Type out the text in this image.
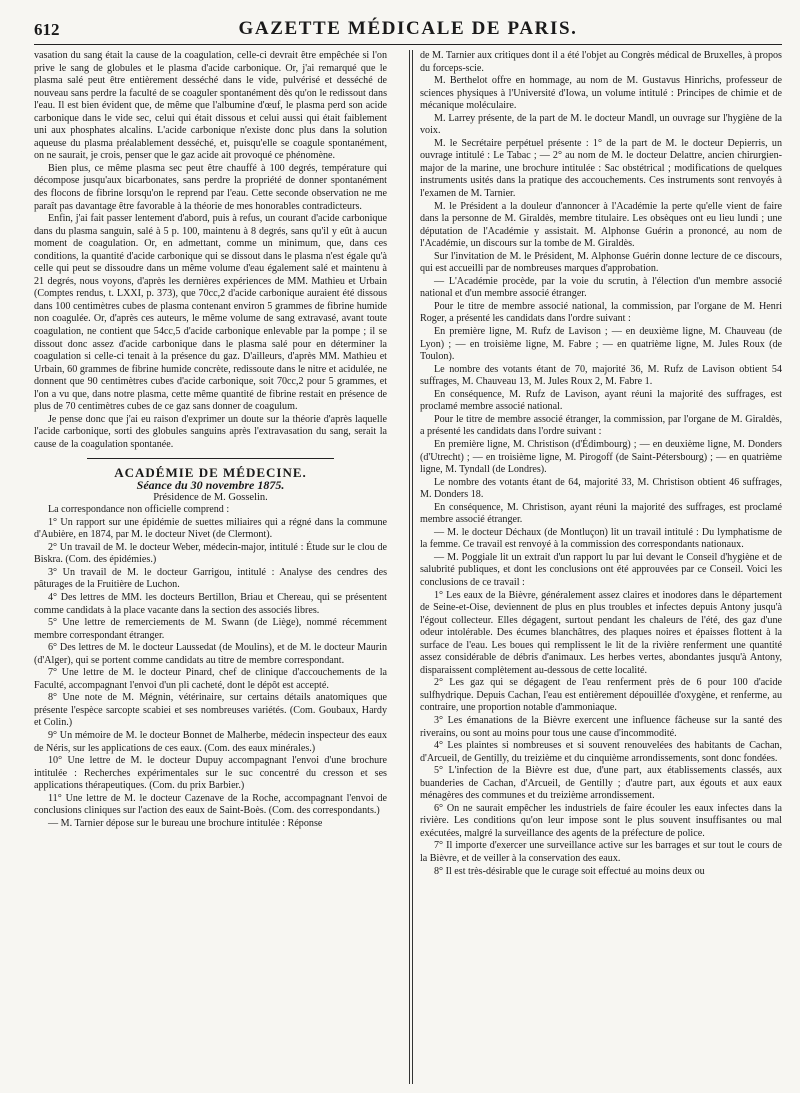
612	GAZETTE MÉDICALE DE PARIS.

vasation du sang était la cause de la coagulation, celle-ci devrait être empêchée si l'on prive le sang de globules et le plasma d'acide carbonique. Or, j'ai remarqué que le plasma salé peut être entièrement desséché dans le vide, pulvérisé et desséché de nouveau sans perdre la faculté de se coaguler spontanément dès qu'on le redissout dans l'eau. Il est bien évident que, de même que l'albumine d'œuf, le plasma perd son acide carbonique dans le vide sec, celui qui était dissous et celui aussi qui était faiblement uni aux phosphates alcalins. L'acide carbonique n'existe donc plus dans la solution aqueuse du plasma préalablement desséché, et, puisqu'elle se coagule spontanément, on ne saurait, je crois, penser que le gaz acide ait provoqué ce phénomène.

Bien plus, ce même plasma sec peut être chauffé à 100 degrés, température qui décompose jusqu'aux bicarbonates, sans perdre la propriété de donner spontanément des flocons de fibrine lorsqu'on le reprend par l'eau. Cette seconde observation ne me paraît pas davantage être favorable à la théorie de mes honorables contradicteurs.

Enfin, j'ai fait passer lentement d'abord, puis à refus, un courant d'acide carbonique dans du plasma sanguin, salé à 5 p. 100, maintenu à 8 degrés, sans qu'il y eût à aucun moment de coagulation. Or, en admettant, comme un minimum, que, dans ces conditions, la quantité d'acide carbonique qui se dissout dans le plasma n'est égale qu'à celle qui peut se dissoudre dans un même volume d'eau également salé et maintenu à 21 degrés, nous voyons, d'après les dernières expériences de MM. Mathieu et Urbain (Comptes rendus, t. LXXI, p. 373), que 70cc,2 d'acide carbonique auraient été dissous dans 100 centimètres cubes de plasma contenant environ 5 grammes de fibrine humide non coagulée. Or, d'après ces auteurs, le même volume de sang extravasé, avant toute coagulation, ne contient que 54cc,5 d'acide carbonique enlevable par la pompe ; il se dissout donc assez d'acide carbonique dans le plasma salé pour en déterminer la coagulation si celle-ci tenait à la présence du gaz. D'ailleurs, d'après MM. Mathieu et Urbain, 60 grammes de fibrine humide concrète, redissoute dans le nitre et acidulée, ne donnent que 90 centimètres cubes d'acide carbonique, soit 70cc,2 pour 5 grammes, et l'on a vu que, dans notre plasma, cette même quantité de fibrine restait en présence de plus de 70 centimètres cubes de ce gaz sans donner de coagulum.

Je pense donc que j'ai eu raison d'exprimer un doute sur la théorie d'après laquelle l'acide carbonique, sorti des globules sanguins après l'extravasation du sang, serait la cause de la coagulation spontanée.

ACADÉMIE DE MÉDECINE.

Séance du 30 novembre 1875.

Présidence de M. Gosselin.

La correspondance non officielle comprend :

1° Un rapport sur une épidémie de suettes miliaires qui a régné dans la commune d'Aubière, en 1874, par M. le docteur Nivet (de Clermont).

2° Un travail de M. le docteur Weber, médecin-major, intitulé : Étude sur le clou de Biskra. (Com. des épidémies.)

3° Un travail de M. le docteur Garrigou, intitulé : Analyse des cendres des pâturages de la Fruitière de Luchon.

4° Des lettres de MM. les docteurs Bertillon, Briau et Chereau, qui se présentent comme candidats à la place vacante dans la section des associés libres.

5° Une lettre de remerciements de M. Swann (de Liège), nommé récemment membre correspondant étranger.

6° Des lettres de M. le docteur Laussedat (de Moulins), et de M. le docteur Maurin (d'Alger), qui se portent comme candidats au titre de membre correspondant.

7° Une lettre de M. le docteur Pinard, chef de clinique d'accouchements de la Faculté, accompagnant l'envoi d'un pli cacheté, dont le dépôt est accepté.

8° Une note de M. Mégnin, vétérinaire, sur certains détails anatomiques que présente l'espèce sarcopte scabiei et ses nombreuses variétés. (Com. Goubaux, Hardy et Colin.)

9° Un mémoire de M. le docteur Bonnet de Malherbe, médecin inspecteur des eaux de Néris, sur les applications de ces eaux. (Com. des eaux minérales.)

10° Une lettre de M. le docteur Dupuy accompagnant l'envoi d'une brochure intitulée : Recherches expérimentales sur le suc concentré du cresson et ses applications thérapeutiques. (Com. du prix Barbier.)

11° Une lettre de M. le docteur Cazenave de la Roche, accompagnant l'envoi de conclusions cliniques sur l'action des eaux de Saint-Boès. (Com. des correspondants.)

— M. Tarnier dépose sur le bureau une brochure intitulée : Réponse

de M. Tarnier aux critiques dont il a été l'objet au Congrès médical de Bruxelles, à propos du forceps-scie.

M. Berthelot offre en hommage, au nom de M. Gustavus Hinrichs, professeur de sciences physiques à l'Université d'Iowa, un volume intitulé : Principes de chimie et de mécanique moléculaire.

M. Larrey présente, de la part de M. le docteur Mandl, un ouvrage sur l'hygiène de la voix.

M. le Secrétaire perpétuel présente : 1° de la part de M. le docteur Depierris, un ouvrage intitulé : Le Tabac ; — 2° au nom de M. le docteur Delattre, ancien chirurgien-major de la marine, une brochure intitulée : Sac obstétrical ; modifications de quelques instruments usités dans la pratique des accouchements. Ces instruments sont renvoyés à l'examen de M. Tarnier.

M. le Président a la douleur d'annoncer à l'Académie la perte qu'elle vient de faire dans la personne de M. Giraldès, membre titulaire. Les obsèques ont eu lieu lundi ; une députation de l'Académie y assistait. M. Alphonse Guérin a prononcé, au nom de l'Académie, un discours sur la tombe de M. Giraldès.

Sur l'invitation de M. le Président, M. Alphonse Guérin donne lecture de ce discours, qui est accueilli par de nombreuses marques d'approbation.

— L'Académie procède, par la voie du scrutin, à l'élection d'un membre associé national et d'un membre associé étranger.

Pour le titre de membre associé national, la commission, par l'organe de M. Henri Roger, a présenté les candidats dans l'ordre suivant :

En première ligne, M. Rufz de Lavison ; — en deuxième ligne, M. Chauveau (de Lyon) ; — en troisième ligne, M. Fabre ; — en quatrième ligne, M. Jules Roux (de Toulon).

Le nombre des votants étant de 70, majorité 36, M. Rufz de Lavison obtient 54 suffrages, M. Chauveau 13, M. Jules Roux 2, M. Fabre 1.

En conséquence, M. Rufz de Lavison, ayant réuni la majorité des suffrages, est proclamé membre associé national.

Pour le titre de membre associé étranger, la commission, par l'organe de M. Giraldès, a présenté les candidats dans l'ordre suivant :

En première ligne, M. Christison (d'Édimbourg) ; — en deuxième ligne, M. Donders (d'Utrecht) ; — en troisième ligne, M. Pirogoff (de Saint-Pétersbourg) ; — en quatrième ligne, M. Tyndall (de Londres).

Le nombre des votants étant de 64, majorité 33, M. Christison obtient 46 suffrages, M. Donders 18.

En conséquence, M. Christison, ayant réuni la majorité des suffrages, est proclamé membre associé étranger.

— M. le docteur Déchaux (de Montluçon) lit un travail intitulé : Du lymphatisme de la femme. Ce travail est renvoyé à la commission des correspondants nationaux.

— M. Poggiale lit un extrait d'un rapport lu par lui devant le Conseil d'hygiène et de salubrité publiques, et dont les conclusions ont été approuvées par ce Conseil. Voici les conclusions de ce travail :

1° Les eaux de la Bièvre, généralement assez claires et inodores dans le département de Seine-et-Oise, deviennent de plus en plus troubles et infectes depuis Antony jusqu'à l'égout collecteur. Elles dégagent, surtout pendant les chaleurs de l'été, des gaz d'une odeur intolérable. Des écumes blanchâtres, des plaques noires et épaisses flottent à la surface de l'eau. Les boues qui remplissent le lit de la rivière renferment une quantité assez considérable de débris d'animaux. Les herbes vertes, abondantes jusqu'à Antony, disparaissent complètement au-dessous de cette localité.

2° Les gaz qui se dégagent de l'eau renferment près de 6 pour 100 d'acide sulfhydrique. Depuis Cachan, l'eau est entièrement dépouillée d'oxygène, et renferme, au contraire, une proportion notable d'ammoniaque.

3° Les émanations de la Bièvre exercent une influence fâcheuse sur la santé des riverains, ou sont au moins pour tous une cause d'incommodité.

4° Les plaintes si nombreuses et si souvent renouvelées des habitants de Cachan, d'Arcueil, de Gentilly, du treizième et du cinquième arrondissements, sont donc fondées.

5° L'infection de la Bièvre est due, d'une part, aux établissements classés, aux buanderies de Cachan, d'Arcueil, de Gentilly ; d'autre part, aux égouts et aux eaux ménagères des communes et du treizième arrondissement.

6° On ne saurait empêcher les industriels de faire écouler les eaux infectes dans la rivière. Les conditions qu'on leur impose sont le plus souvent insuffisantes ou mal exécutées, malgré la surveillance des agents de la préfecture de police.

7° Il importe d'exercer une surveillance active sur les barrages et sur tout le cours de la Bièvre, et de veiller à la conservation des eaux.

8° Il est très-désirable que le curage soit effectué au moins deux ou
